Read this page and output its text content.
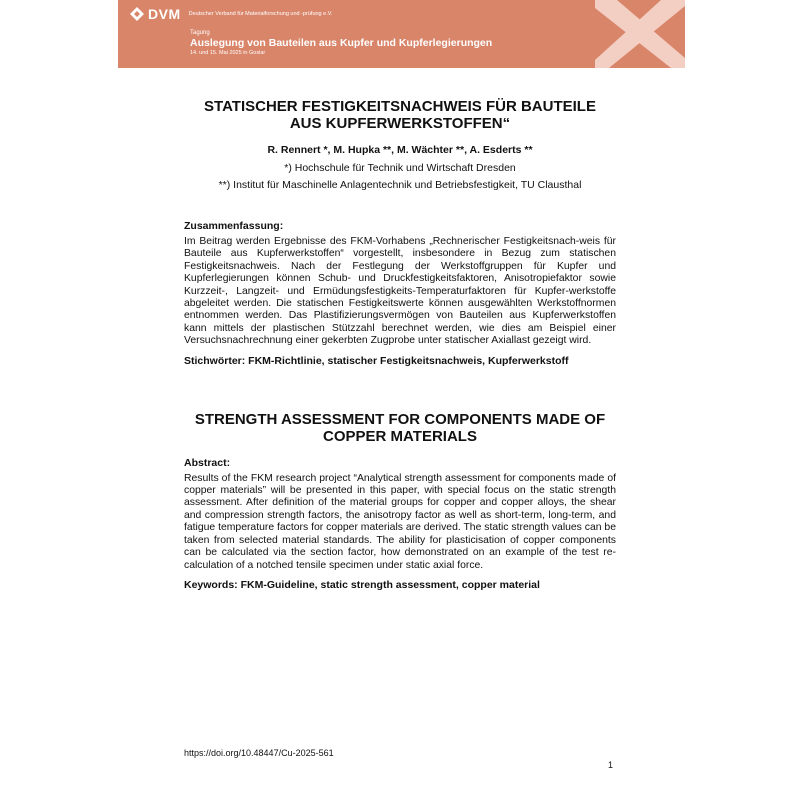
DVM Deutscher Verband für Materialforschung und -prüfung e.V.
Tagung
Auslegung von Bauteilen aus Kupfer und Kupferlegierungen
14. und 15. Mai 2025 in Goslar
STATISCHER FESTIGKEITSNACHWEIS FÜR BAUTEILE
AUS KUPFERWERKSTOFFEN“
R. Rennert *, M. Hupka **, M. Wächter **, A. Esderts **
*) Hochschule für Technik und Wirtschaft Dresden
**) Institut für Maschinelle Anlagentechnik und Betriebsfestigkeit, TU Clausthal
Zusammenfassung:
Im Beitrag werden Ergebnisse des FKM-Vorhabens „Rechnerischer Festigkeitsnach-weis für Bauteile aus Kupferwerkstoffen“ vorgestellt, insbesondere in Bezug zum statischen Festigkeitsnachweis. Nach der Festlegung der Werkstoffgruppen für Kupfer und Kupferlegierungen können Schub- und Druckfestigkeitsfaktoren, Anisotropiefaktor sowie Kurzzeit-, Langzeit- und Ermüdungsfestigkeits-Temperaturfaktoren für Kupfer-werkstoffe abgeleitet werden. Die statischen Festigkeitswerte können ausgewählten Werkstoffnormen entnommen werden. Das Plastifizierungsvermögen von Bauteilen aus Kupferwerkstoffen kann mittels der plastischen Stützzahl berechnet werden, wie dies am Beispiel einer Versuchsnachrechnung einer gekerbten Zugprobe unter statischer Axiallast gezeigt wird.
Stichwörter: FKM-Richtlinie, statischer Festigkeitsnachweis, Kupferwerkstoff
STRENGTH ASSESSMENT FOR COMPONENTS MADE OF
COPPER MATERIALS
Abstract:
Results of the FKM research project “Analytical strength assessment for components made of copper materials” will be presented in this paper, with special focus on the static strength assessment. After definition of the material groups for copper and copper alloys, the shear and compression strength factors, the anisotropy factor as well as short-term, long-term, and fatigue temperature factors for copper materials are derived. The static strength values can be taken from selected material standards. The ability for plasticisation of copper components can be calculated via the section factor, how demonstrated on an example of the test re-calculation of a notched tensile specimen under static axial force.
Keywords: FKM-Guideline, static strength assessment, copper material
https://doi.org/10.48447/Cu-2025-561
1
